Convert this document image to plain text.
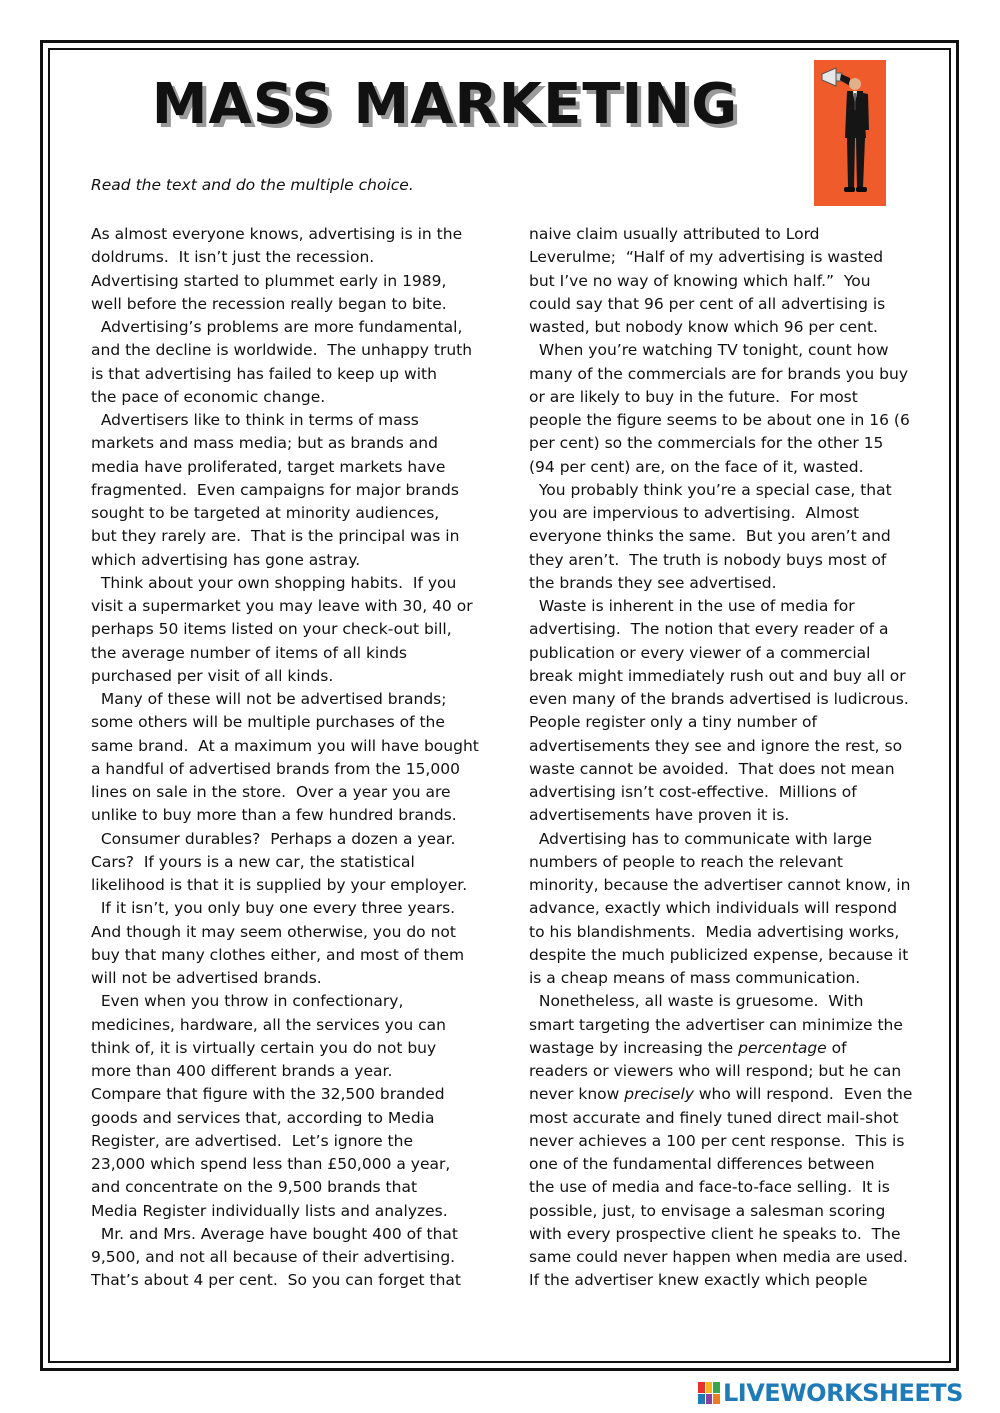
MASS MARKETING

Read the text and do the multiple choice.

As almost everyone knows, advertising is in the
doldrums.  It isn’t just the recession.
Advertising started to plummet early in 1989,
well before the recession really began to bite.
Advertising’s problems are more fundamental,
and the decline is worldwide.  The unhappy truth
is that advertising has failed to keep up with
the pace of economic change.
Advertisers like to think in terms of mass
markets and mass media; but as brands and
media have proliferated, target markets have
fragmented.  Even campaigns for major brands
sought to be targeted at minority audiences,
but they rarely are.  That is the principal was in
which advertising has gone astray.
Think about your own shopping habits.  If you
visit a supermarket you may leave with 30, 40 or
perhaps 50 items listed on your check-out bill,
the average number of items of all kinds
purchased per visit of all kinds.
Many of these will not be advertised brands;
some others will be multiple purchases of the
same brand.  At a maximum you will have bought
a handful of advertised brands from the 15,000
lines on sale in the store.  Over a year you are
unlike to buy more than a few hundred brands.
Consumer durables?  Perhaps a dozen a year.
Cars?  If yours is a new car, the statistical
likelihood is that it is supplied by your employer.
If it isn’t, you only buy one every three years.
And though it may seem otherwise, you do not
buy that many clothes either, and most of them
will not be advertised brands.
Even when you throw in confectionary,
medicines, hardware, all the services you can
think of, it is virtually certain you do not buy
more than 400 different brands a year.
Compare that figure with the 32,500 branded
goods and services that, according to Media
Register, are advertised.  Let’s ignore the
23,000 which spend less than £50,000 a year,
and concentrate on the 9,500 brands that
Media Register individually lists and analyzes.
Mr. and Mrs. Average have bought 400 of that
9,500, and not all because of their advertising.
That’s about 4 per cent.  So you can forget that
naive claim usually attributed to Lord
Leverulme;  “Half of my advertising is wasted
but I’ve no way of knowing which half.”  You
could say that 96 per cent of all advertising is
wasted, but nobody know which 96 per cent.
When you’re watching TV tonight, count how
many of the commercials are for brands you buy
or are likely to buy in the future.  For most
people the figure seems to be about one in 16 (6
per cent) so the commercials for the other 15
(94 per cent) are, on the face of it, wasted.
You probably think you’re a special case, that
you are impervious to advertising.  Almost
everyone thinks the same.  But you aren’t and
they aren’t.  The truth is nobody buys most of
the brands they see advertised.
Waste is inherent in the use of media for
advertising.  The notion that every reader of a
publication or every viewer of a commercial
break might immediately rush out and buy all or
even many of the brands advertised is ludicrous.
People register only a tiny number of
advertisements they see and ignore the rest, so
waste cannot be avoided.  That does not mean
advertising isn’t cost-effective.  Millions of
advertisements have proven it is.
Advertising has to communicate with large
numbers of people to reach the relevant
minority, because the advertiser cannot know, in
advance, exactly which individuals will respond
to his blandishments.  Media advertising works,
despite the much publicized expense, because it
is a cheap means of mass communication.
Nonetheless, all waste is gruesome.  With
smart targeting the advertiser can minimize the
wastage by increasing the percentage of
readers or viewers who will respond; but he can
never know precisely who will respond.  Even the
most accurate and finely tuned direct mail-shot
never achieves a 100 per cent response.  This is
one of the fundamental differences between
the use of media and face-to-face selling.  It is
possible, just, to envisage a salesman scoring
with every prospective client he speaks to.  The
same could never happen when media are used.
If the advertiser knew exactly which people
LIVEWORKSHEETS
